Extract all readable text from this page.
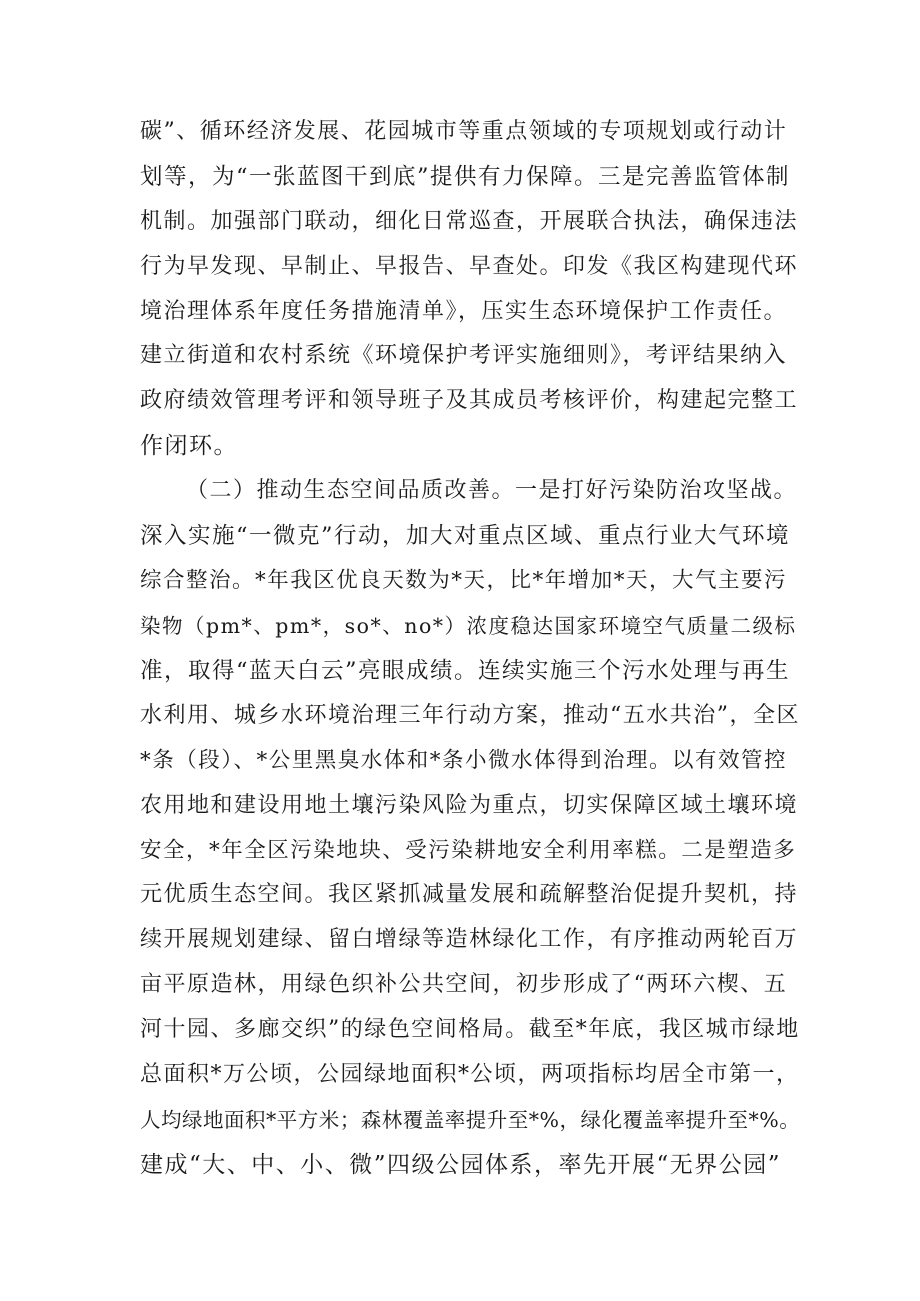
碳”、循环经济发展、花园城市等重点领域的专项规划或行动计
划等，为“一张蓝图干到底”提供有力保障。三是完善监管体制
机制。加强部门联动，细化日常巡查，开展联合执法，确保违法
行为早发现、早制止、早报告、早查处。印发《我区构建现代环
境治理体系年度任务措施清单》，压实生态环境保护工作责任。
建立街道和农村系统《环境保护考评实施细则》，考评结果纳入
政府绩效管理考评和领导班子及其成员考核评价，构建起完整工
作闭环。
（二）推动生态空间品质改善。一是打好污染防治攻坚战。
深入实施“一微克”行动，加大对重点区域、重点行业大气环境
综合整治。*年我区优良天数为*天，比*年增加*天，大气主要污
染物（pm*、pm*，so*、no*）浓度稳达国家环境空气质量二级标
准，取得“蓝天白云”亮眼成绩。连续实施三个污水处理与再生
水利用、城乡水环境治理三年行动方案，推动“五水共治”，全区
*条（段）、*公里黑臭水体和*条小微水体得到治理。以有效管控
农用地和建设用地土壤污染风险为重点，切实保障区域土壤环境
安全，*年全区污染地块、受污染耕地安全利用率糕。二是塑造多
元优质生态空间。我区紧抓减量发展和疏解整治促提升契机，持
续开展规划建绿、留白增绿等造林绿化工作，有序推动两轮百万
亩平原造林，用绿色织补公共空间，初步形成了“两环六楔、五
河十园、多廊交织”的绿色空间格局。截至*年底，我区城市绿地
总面积*万公顷，公园绿地面积*公顷，两项指标均居全市第一，
人均绿地面积*平方米；森林覆盖率提升至*%，绿化覆盖率提升至*%。
建成“大、中、小、微”四级公园体系，率先开展“无界公园”
